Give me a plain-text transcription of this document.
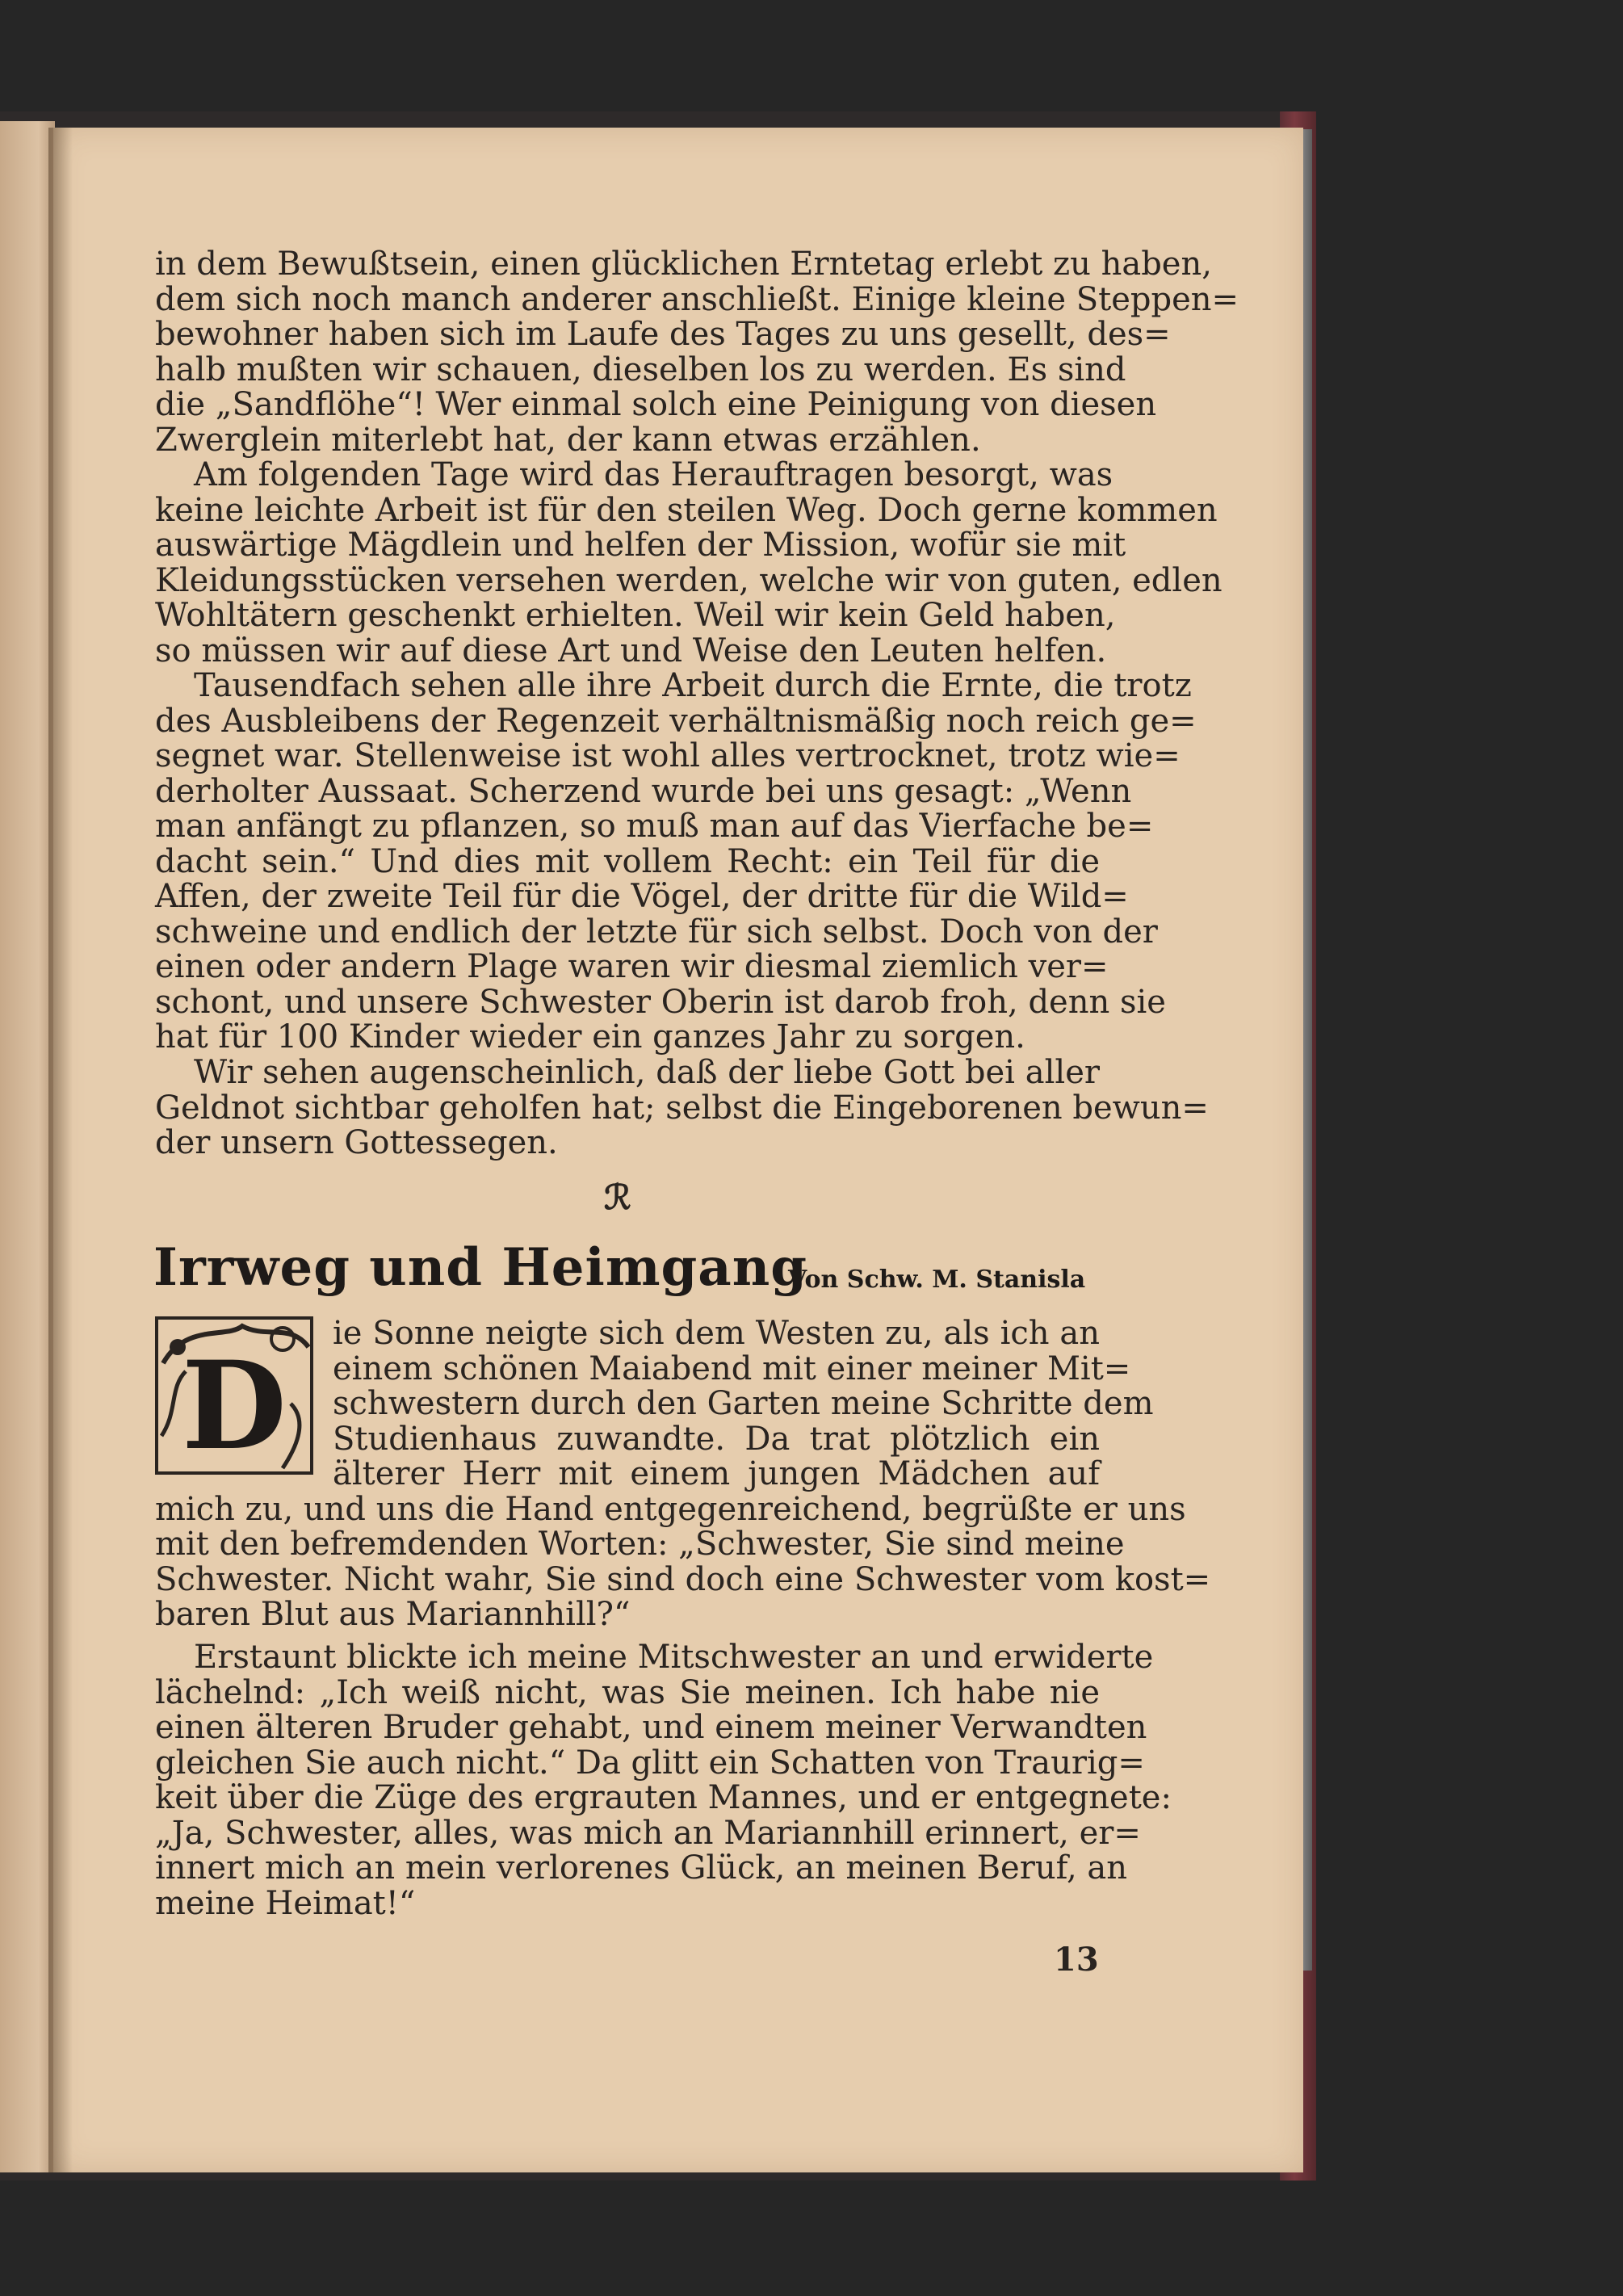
in dem Bewußtsein, einen glücklichen Erntetag erlebt zu haben,
dem sich noch manch anderer anschließt. Einige kleine Steppen=
bewohner haben sich im Laufe des Tages zu uns gesellt, des=
halb mußten wir schauen, dieselben los zu werden. Es sind
die „Sandflöhe“! Wer einmal solch eine Peinigung von diesen
Zwerglein miterlebt hat, der kann etwas erzählen.
Am folgenden Tage wird das Herauftragen besorgt, was
keine leichte Arbeit ist für den steilen Weg. Doch gerne kommen
auswärtige Mägdlein und helfen der Mission, wofür sie mit
Kleidungsstücken versehen werden, welche wir von guten, edlen
Wohltätern geschenkt erhielten. Weil wir kein Geld haben,
so müssen wir auf diese Art und Weise den Leuten helfen.
Tausendfach sehen alle ihre Arbeit durch die Ernte, die trotz
des Ausbleibens der Regenzeit verhältnismäßig noch reich ge=
segnet war. Stellenweise ist wohl alles vertrocknet, trotz wie=
derholter Aussaat. Scherzend wurde bei uns gesagt: „Wenn
man anfängt zu pflanzen, so muß man auf das Vierfache be=
dacht sein.“ Und dies mit vollem Recht: ein Teil für die
Affen, der zweite Teil für die Vögel, der dritte für die Wild=
schweine und endlich der letzte für sich selbst. Doch von der
einen oder andern Plage waren wir diesmal ziemlich ver=
schont, und unsere Schwester Oberin ist darob froh, denn sie
hat für 100 Kinder wieder ein ganzes Jahr zu sorgen.
Wir sehen augenscheinlich, daß der liebe Gott bei aller
Geldnot sichtbar geholfen hat; selbst die Eingeborenen bewun=
der unsern Gottessegen.
ℛ
Irrweg und Heimgang
Von Schw. M. Stanisla
D
ie Sonne neigte sich dem Westen zu, als ich an
einem schönen Maiabend mit einer meiner Mit=
schwestern durch den Garten meine Schritte dem
Studienhaus zuwandte. Da trat plötzlich ein
älterer Herr mit einem jungen Mädchen auf
mich zu, und uns die Hand entgegenreichend, begrüßte er uns
mit den befremdenden Worten: „Schwester, Sie sind meine
Schwester. Nicht wahr, Sie sind doch eine Schwester vom kost=
baren Blut aus Mariannhill?“
Erstaunt blickte ich meine Mitschwester an und erwiderte
lächelnd: „Ich weiß nicht, was Sie meinen. Ich habe nie
einen älteren Bruder gehabt, und einem meiner Verwandten
gleichen Sie auch nicht.“ Da glitt ein Schatten von Traurig=
keit über die Züge des ergrauten Mannes, und er entgegnete:
„Ja, Schwester, alles, was mich an Mariannhill erinnert, er=
innert mich an mein verlorenes Glück, an meinen Beruf, an
meine Heimat!“
13
